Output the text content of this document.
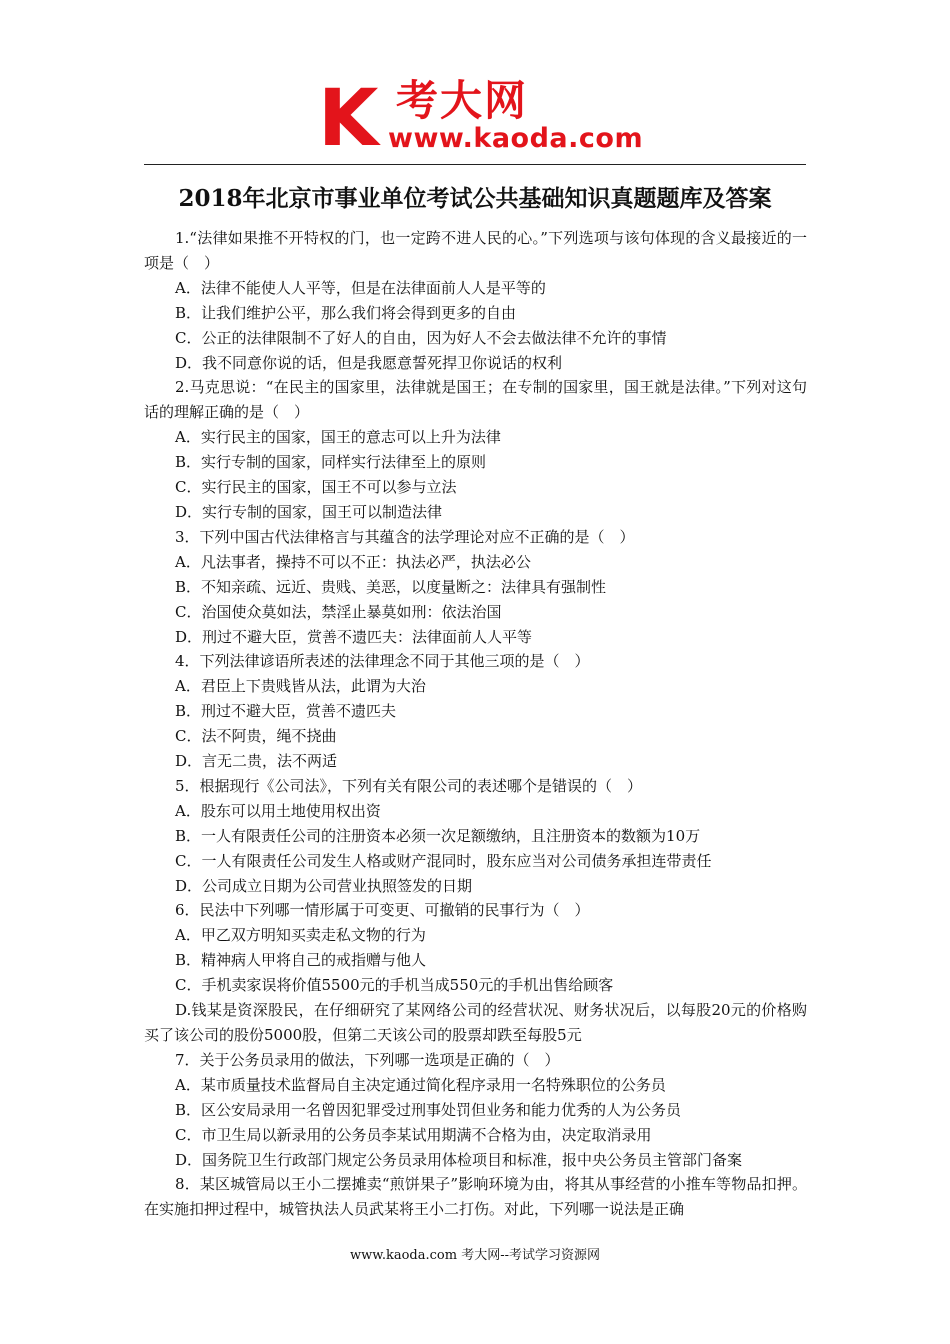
K 考大网
www.kaoda.com
2018年北京市事业单位考试公共基础知识真题题库及答案

1.“法律如果推不开特权的门，也一定跨不进人民的心。”下列选项与该句体现的含义最接近的一项是（　）

A．法律不能使人人平等，但是在法律面前人人是平等的

B．让我们维护公平，那么我们将会得到更多的自由

C．公正的法律限制不了好人的自由，因为好人不会去做法律不允许的事情

D．我不同意你说的话，但是我愿意誓死捍卫你说话的权利

2.马克思说：“在民主的国家里，法律就是国王；在专制的国家里，国王就是法律。”下列对这句话的理解正确的是（　）

A．实行民主的国家，国王的意志可以上升为法律

B．实行专制的国家，同样实行法律至上的原则

C．实行民主的国家，国王不可以参与立法

D．实行专制的国家，国王可以制造法律

3．下列中国古代法律格言与其蕴含的法学理论对应不正确的是（　）

A．凡法事者，操持不可以不正：执法必严，执法必公

B．不知亲疏、远近、贵贱、美恶，以度量断之：法律具有强制性

C．治国使众莫如法，禁淫止暴莫如刑：依法治国

D．刑过不避大臣，赏善不遗匹夫：法律面前人人平等

4．下列法律谚语所表述的法律理念不同于其他三项的是（　）

A．君臣上下贵贱皆从法，此谓为大治

B．刑过不避大臣，赏善不遗匹夫

C．法不阿贵，绳不挠曲

D．言无二贵，法不两适

5．根据现行《公司法》，下列有关有限公司的表述哪个是错误的（　）

A．股东可以用土地使用权出资

B．一人有限责任公司的注册资本必须一次足额缴纳，且注册资本的数额为10万

C．一人有限责任公司发生人格或财产混同时，股东应当对公司债务承担连带责任

D．公司成立日期为公司营业执照签发的日期

6．民法中下列哪一情形属于可变更、可撤销的民事行为（　）

A．甲乙双方明知买卖走私文物的行为

B．精神病人甲将自己的戒指赠与他人

C．手机卖家误将价值5500元的手机当成550元的手机出售给顾客

D.钱某是资深股民，在仔细研究了某网络公司的经营状况、财务状况后，以每股20元的价格购买了该公司的股份5000股，但第二天该公司的股票却跌至每股5元

7．关于公务员录用的做法，下列哪一选项是正确的（　）

A．某市质量技术监督局自主决定通过简化程序录用一名特殊职位的公务员

B．区公安局录用一名曾因犯罪受过刑事处罚但业务和能力优秀的人为公务员

C．市卫生局以新录用的公务员李某试用期满不合格为由，决定取消录用

D．国务院卫生行政部门规定公务员录用体检项目和标准，报中央公务员主管部门备案

8．某区城管局以王小二摆摊卖“煎饼果子”影响环境为由，将其从事经营的小推车等物品扣押。在实施扣押过程中，城管执法人员武某将王小二打伤。对此，下列哪一说法是正确

www.kaoda.com 考大网--考试学习资源网
